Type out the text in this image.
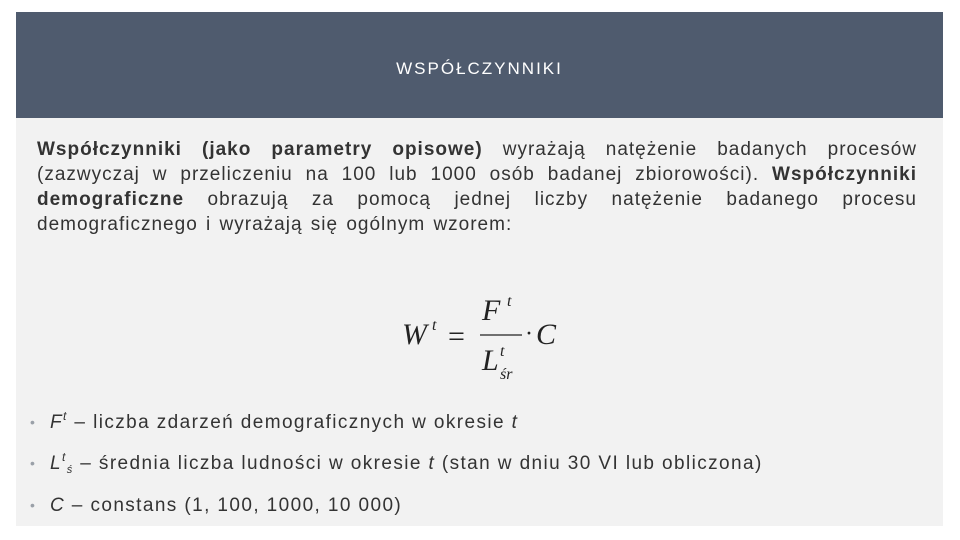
WSPÓŁCZYNNIKI
Współczynniki (jako parametry opisowe) wyrażają natężenie badanych procesów (zazwyczaj w przeliczeniu na 100 lub 1000 osób badanej zbiorowości). Współczynniki demograficzne obrazują za pomocą jednej liczby natężenie badanego procesu demograficznego i wyrażają się ogólnym wzorem:
W t =
F t
L t
śr
· C
• $F^t$ – liczba zdarzeń demograficznych w okresie t
• $L^t_ś$ – średnia liczba ludności w okresie t (stan w dniu 30 VI lub obliczona)
• C – constans (1, 100, 1000, 10 000)
